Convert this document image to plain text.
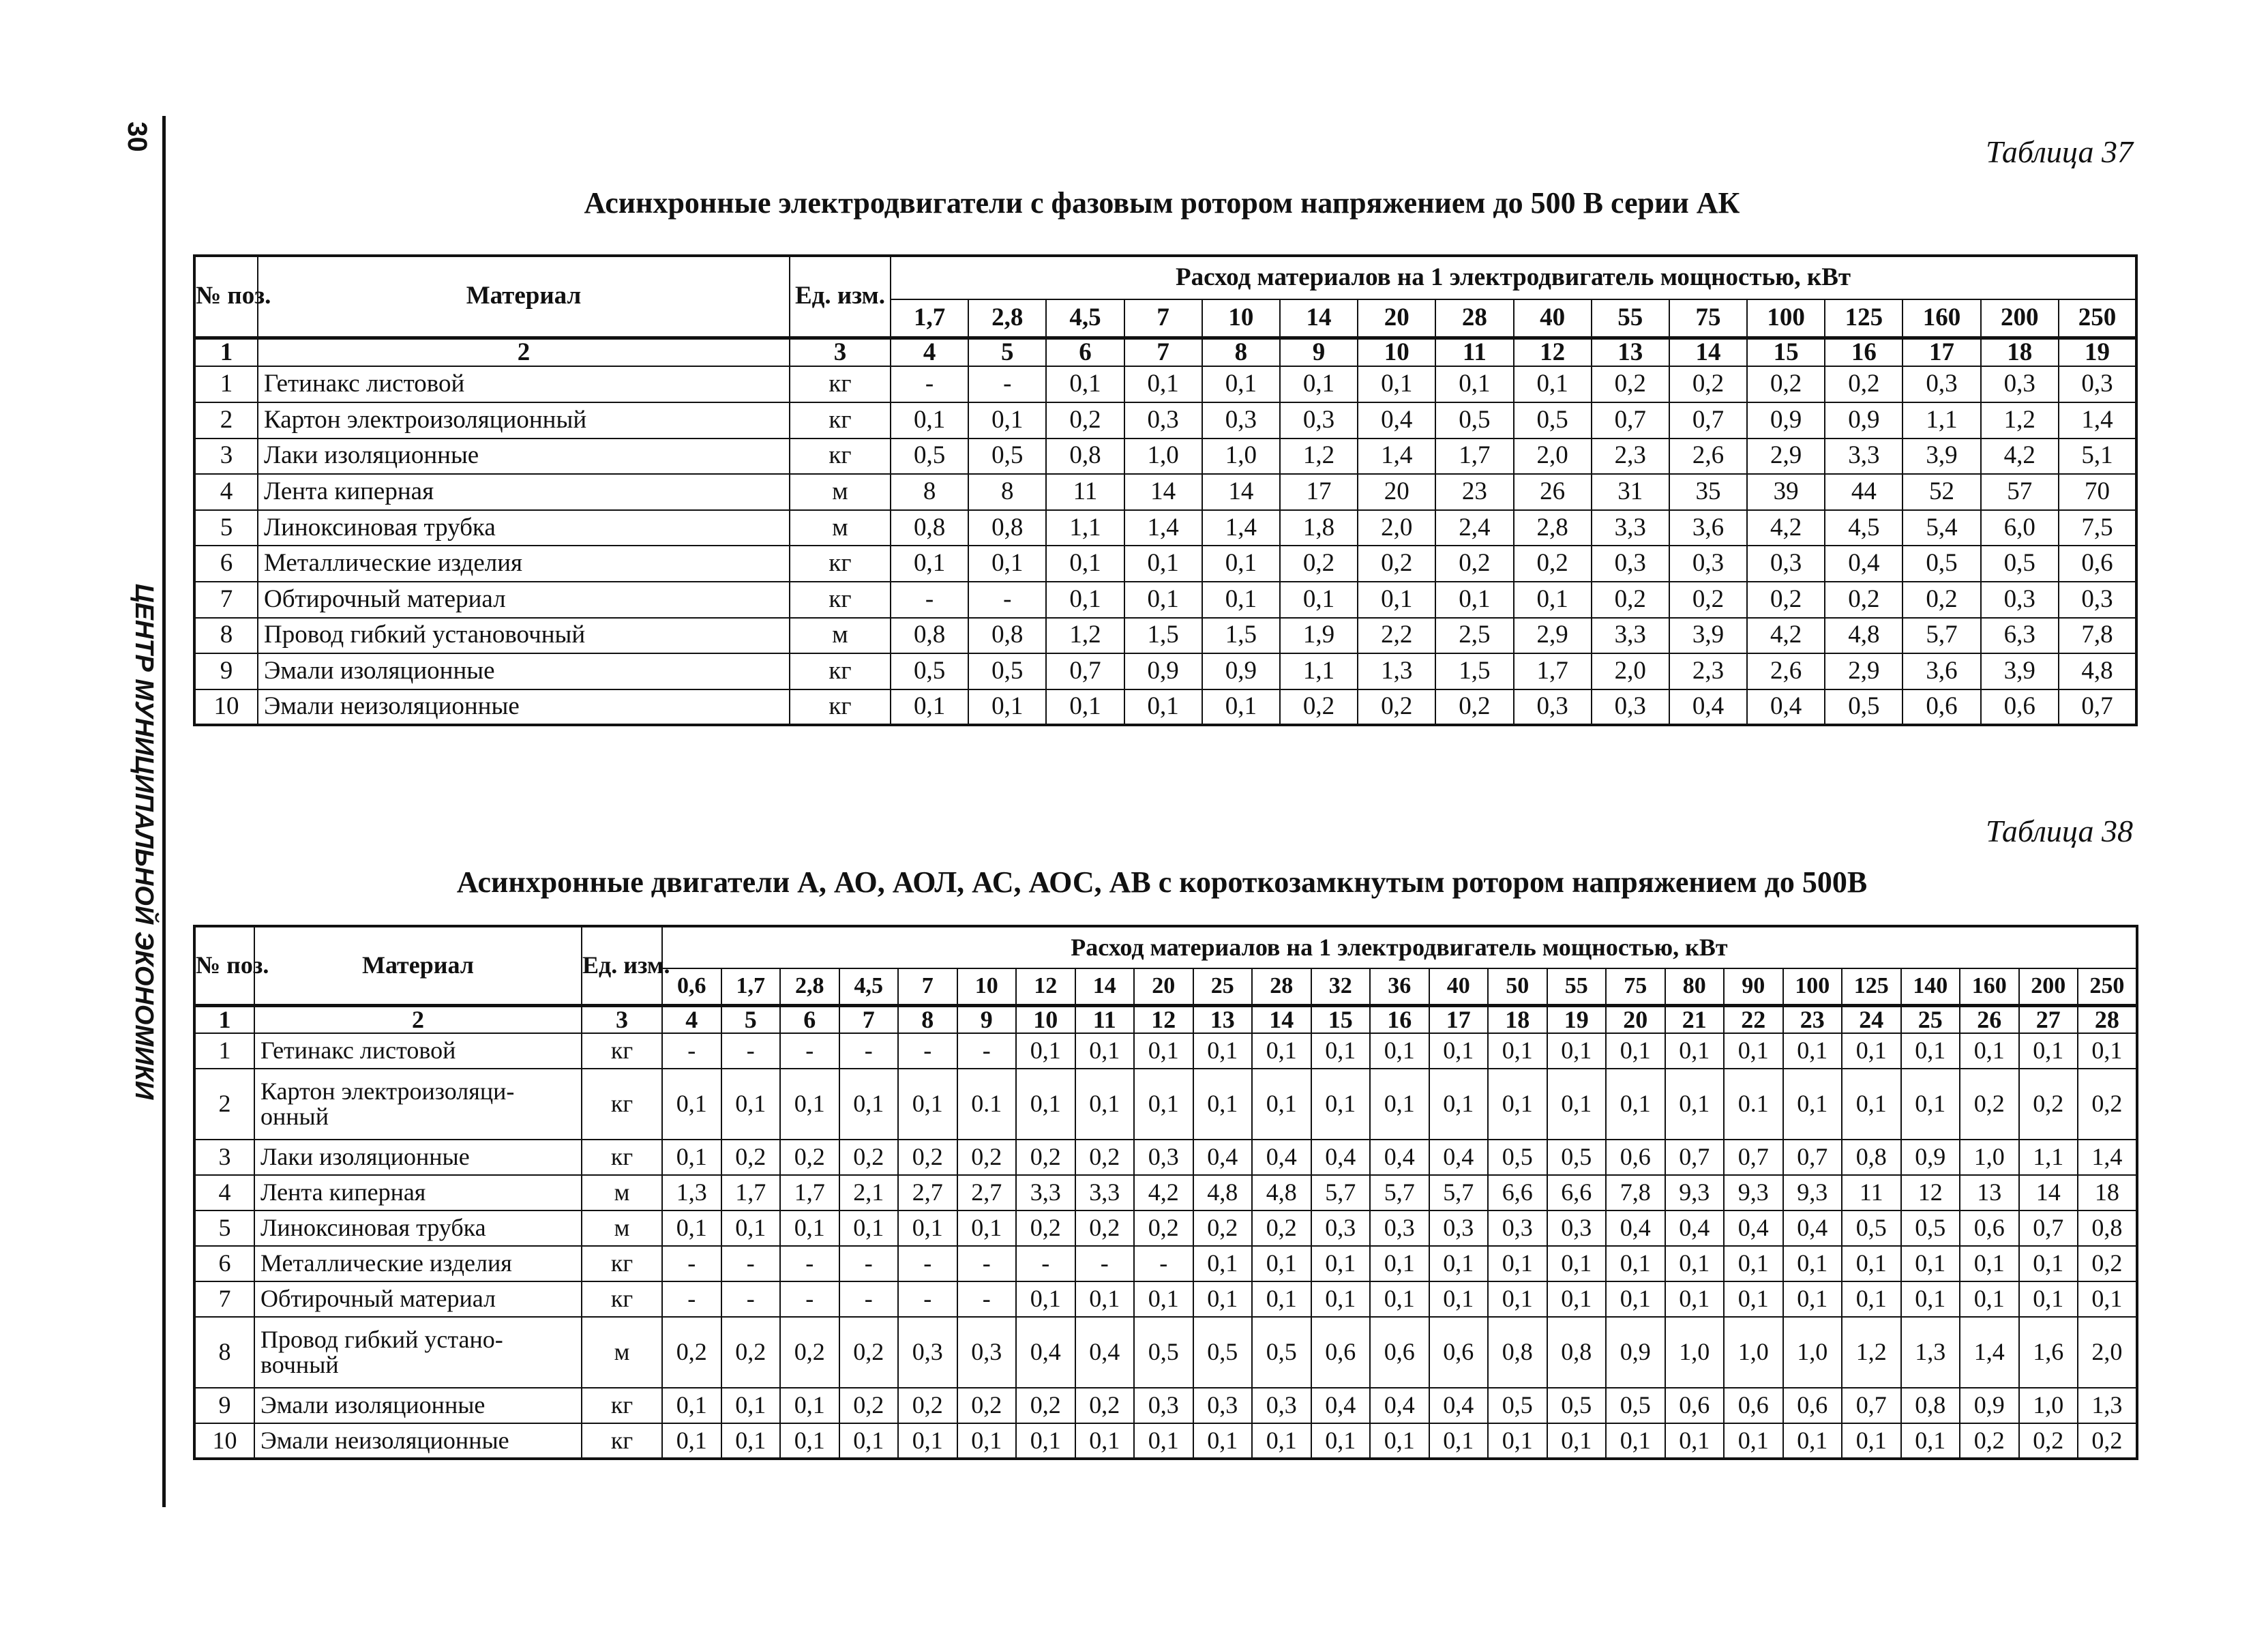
30
ЦЕНТР МУНИЦИПАЛЬНОЙ ЭКОНОМИКИ
Таблица 37
Асинхронные электродвигатели с фазовым ротором напряжением до 500 В серии АК
№ поз.	Материал	Ед. изм.	Расход материалов на 1 электродвигатель мощностью, кВт															
			1,7	2,8	4,5	7	10	14	20	28	40	55	75	100	125	160	200	250
1	2	3	4	5	6	7	8	9	10	11	12	13	14	15	16	17	18	19
1	Гетинакс листовой	кг	-	-	0,1	0,1	0,1	0,1	0,1	0,1	0,1	0,2	0,2	0,2	0,2	0,3	0,3	0,3
2	Картон электроизоляционный	кг	0,1	0,1	0,2	0,3	0,3	0,3	0,4	0,5	0,5	0,7	0,7	0,9	0,9	1,1	1,2	1,4
3	Лаки изоляционные	кг	0,5	0,5	0,8	1,0	1,0	1,2	1,4	1,7	2,0	2,3	2,6	2,9	3,3	3,9	4,2	5,1
4	Лента киперная	м	8	8	11	14	14	17	20	23	26	31	35	39	44	52	57	70
5	Линоксиновая трубка	м	0,8	0,8	1,1	1,4	1,4	1,8	2,0	2,4	2,8	3,3	3,6	4,2	4,5	5,4	6,0	7,5
6	Металлические изделия	кг	0,1	0,1	0,1	0,1	0,1	0,2	0,2	0,2	0,2	0,3	0,3	0,3	0,4	0,5	0,5	0,6
7	Обтирочный материал	кг	-	-	0,1	0,1	0,1	0,1	0,1	0,1	0,1	0,2	0,2	0,2	0,2	0,2	0,3	0,3
8	Провод гибкий установочный	м	0,8	0,8	1,2	1,5	1,5	1,9	2,2	2,5	2,9	3,3	3,9	4,2	4,8	5,7	6,3	7,8
9	Эмали изоляционные	кг	0,5	0,5	0,7	0,9	0,9	1,1	1,3	1,5	1,7	2,0	2,3	2,6	2,9	3,6	3,9	4,8
10	Эмали неизоляционные	кг	0,1	0,1	0,1	0,1	0,1	0,2	0,2	0,2	0,3	0,3	0,4	0,4	0,5	0,6	0,6	0,7
Таблица 38
Асинхронные двигатели А, АО, АОЛ, АС, АОС, АВ с короткозамкнутым ротором напряжением до 500В
№ поз.	Материал	Ед. изм.	Расход материалов на 1 электродвигатель мощностью, кВт																								
			0,6	1,7	2,8	4,5	7	10	12	14	20	25	28	32	36	40	50	55	75	80	90	100	125	140	160	200	250
1	2	3	4	5	6	7	8	9	10	11	12	13	14	15	16	17	18	19	20	21	22	23	24	25	26	27	28
1	Гетинакс листовой	кг	-	-	-	-	-	-	0,1	0,1	0,1	0,1	0,1	0,1	0,1	0,1	0,1	0,1	0,1	0,1	0,1	0,1	0,1	0,1	0,1	0,1	0,1
2	Картон электроизоляци-онный	кг	0,1	0,1	0,1	0,1	0,1	0.1	0,1	0,1	0,1	0,1	0,1	0,1	0,1	0,1	0,1	0,1	0,1	0,1	0.1	0,1	0,1	0,1	0,2	0,2	0,2
3	Лаки изоляционные	кг	0,1	0,2	0,2	0,2	0,2	0,2	0,2	0,2	0,3	0,4	0,4	0,4	0,4	0,4	0,5	0,5	0,6	0,7	0,7	0,7	0,8	0,9	1,0	1,1	1,4
4	Лента киперная	м	1,3	1,7	1,7	2,1	2,7	2,7	3,3	3,3	4,2	4,8	4,8	5,7	5,7	5,7	6,6	6,6	7,8	9,3	9,3	9,3	11	12	13	14	18
5	Линоксиновая трубка	м	0,1	0,1	0,1	0,1	0,1	0,1	0,2	0,2	0,2	0,2	0,2	0,3	0,3	0,3	0,3	0,3	0,4	0,4	0,4	0,4	0,5	0,5	0,6	0,7	0,8
6	Металлические изделия	кг	-	-	-	-	-	-	-	-	-	0,1	0,1	0,1	0,1	0,1	0,1	0,1	0,1	0,1	0,1	0,1	0,1	0,1	0,1	0,1	0,2
7	Обтирочный материал	кг	-	-	-	-	-	-	0,1	0,1	0,1	0,1	0,1	0,1	0,1	0,1	0,1	0,1	0,1	0,1	0,1	0,1	0,1	0,1	0,1	0,1	0,1
8	Провод гибкий устано-вочный	м	0,2	0,2	0,2	0,2	0,3	0,3	0,4	0,4	0,5	0,5	0,5	0,6	0,6	0,6	0,8	0,8	0,9	1,0	1,0	1,0	1,2	1,3	1,4	1,6	2,0
9	Эмали изоляционные	кг	0,1	0,1	0,1	0,2	0,2	0,2	0,2	0,2	0,3	0,3	0,3	0,4	0,4	0,4	0,5	0,5	0,5	0,6	0,6	0,6	0,7	0,8	0,9	1,0	1,3
10	Эмали неизоляционные	кг	0,1	0,1	0,1	0,1	0,1	0,1	0,1	0,1	0,1	0,1	0,1	0,1	0,1	0,1	0,1	0,1	0,1	0,1	0,1	0,1	0,1	0,1	0,2	0,2	0,2
